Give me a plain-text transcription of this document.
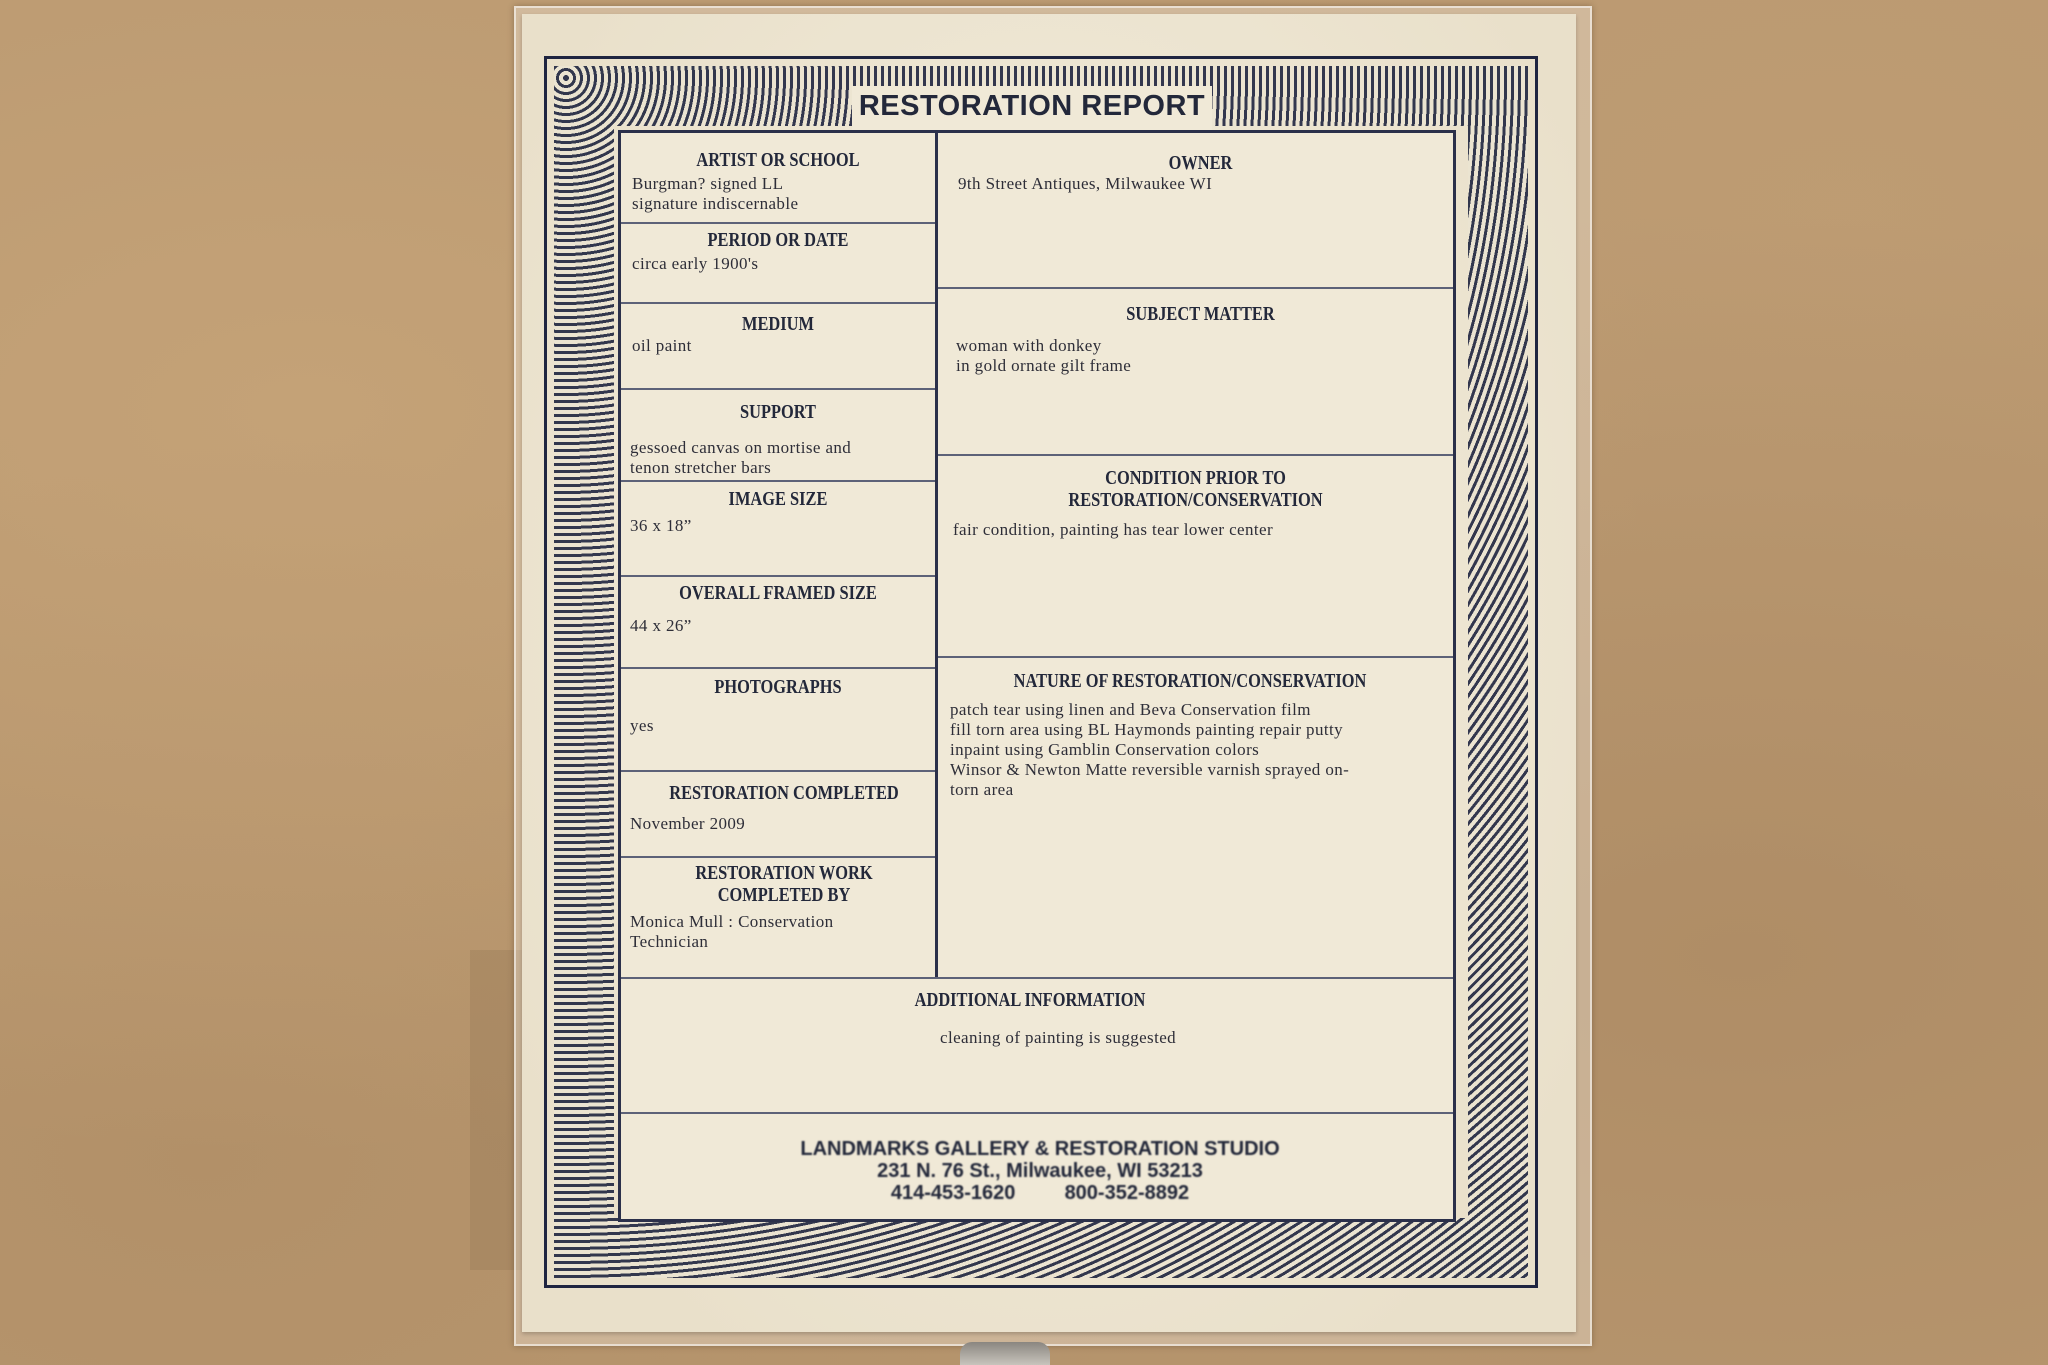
RESTORATION REPORT
ARTIST OR SCHOOL
Burgman? signed LL
signature indiscernable
PERIOD OR DATE
circa early 1900's
MEDIUM
oil paint
SUPPORT
gessoed canvas on mortise and
tenon stretcher bars
IMAGE SIZE
36 x 18”
OVERALL FRAMED SIZE
44 x 26”
PHOTOGRAPHS
yes
RESTORATION COMPLETED
November 2009
RESTORATION WORK
COMPLETED BY
Monica Mull : Conservation
Technician
OWNER
9th Street Antiques, Milwaukee WI
SUBJECT MATTER
woman with donkey
in gold ornate gilt frame
CONDITION PRIOR TO
RESTORATION/CONSERVATION
fair condition, painting has tear lower center
NATURE OF RESTORATION/CONSERVATION
patch tear using linen and Beva Conservation film
fill torn area using BL Haymonds painting repair putty
inpaint using Gamblin Conservation colors
Winsor & Newton Matte reversible varnish sprayed on-
torn area
ADDITIONAL INFORMATION
cleaning of painting is suggested
LANDMARKS GALLERY & RESTORATION STUDIO
231 N. 76 St., Milwaukee, WI 53213
414-453-1620 800-352-8892
